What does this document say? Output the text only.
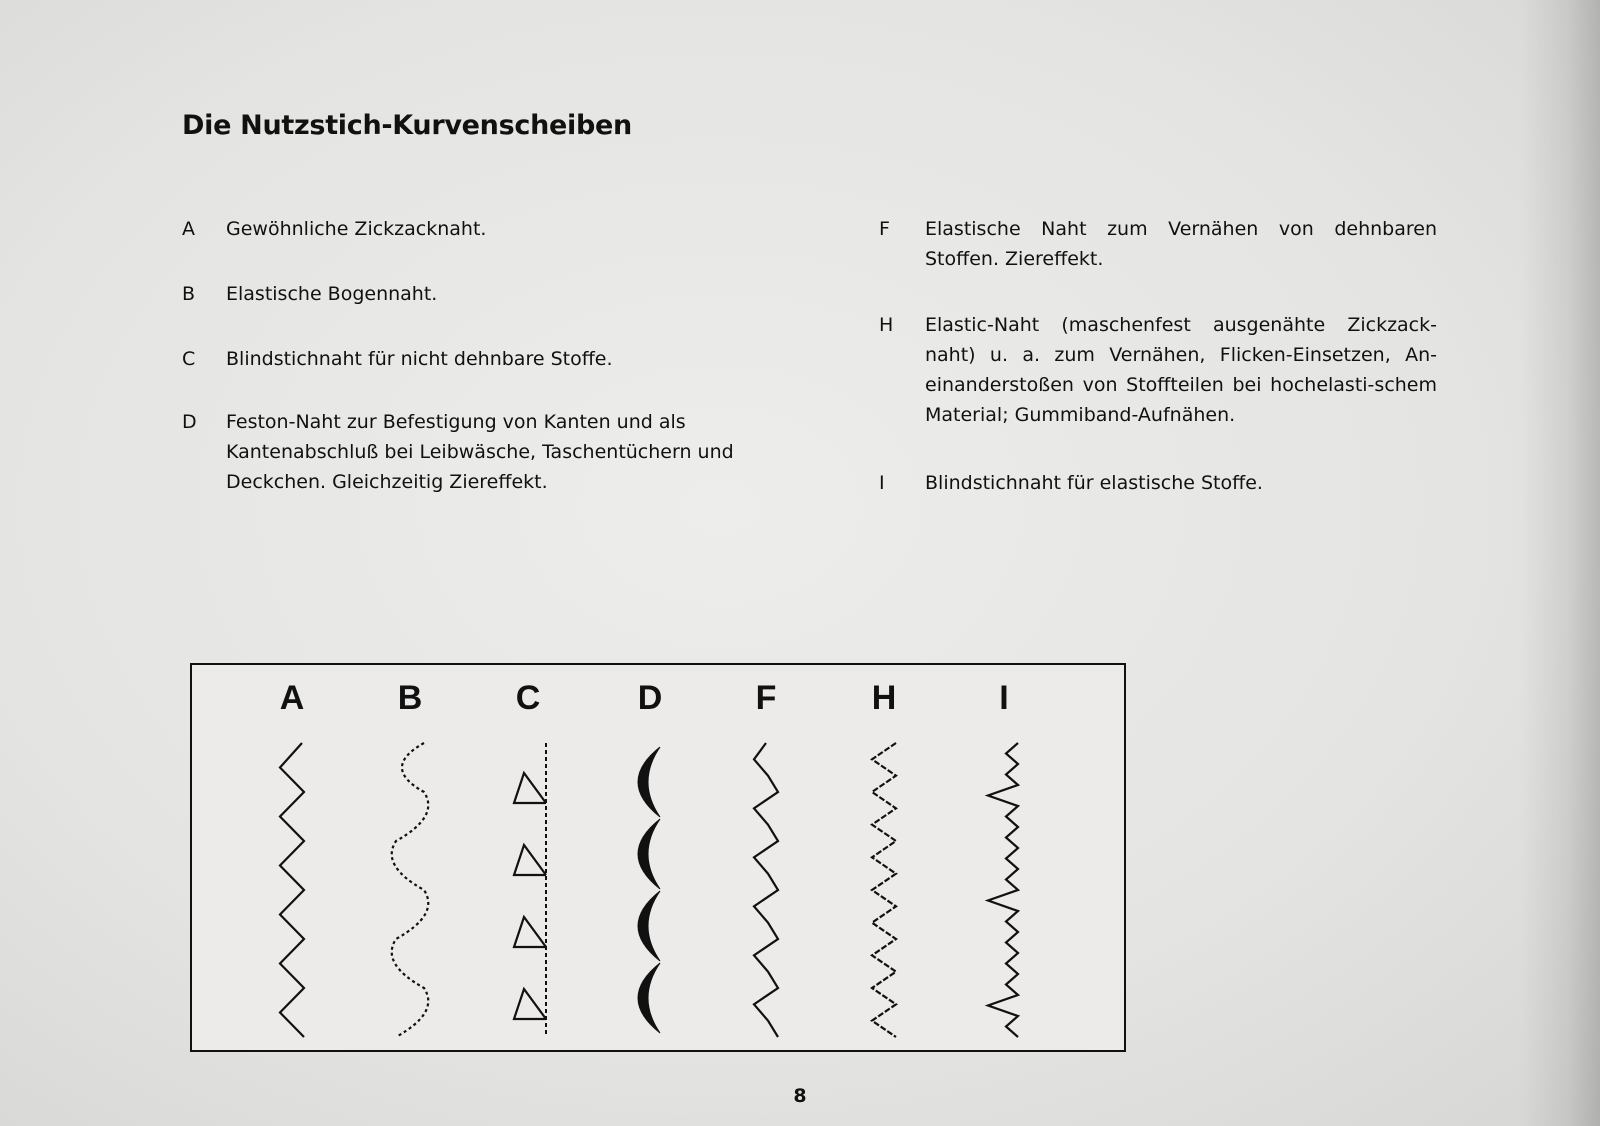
Die Nutzstich-Kurvenscheiben
A Gewöhnliche Zickzacknaht.
B Elastische Bogennaht.
C Blindstichnaht für nicht dehnbare Stoffe.
D Feston-Naht zur Befestigung von Kanten und als Kantenabschluß bei Leibwäsche, Taschentüchern und Deckchen. Gleichzeitig Ziereffekt.
F Elastische Naht zum Vernähen von dehnbaren Stoffen. Ziereffekt.
H Elastic-Naht (maschenfest ausgenähte Zickzack-naht) u. a. zum Vernähen, Flicken-Einsetzen, An-einanderstoßen von Stoffteilen bei hochelasti-schem Material; Gummiband-Aufnähen.
I Blindstichnaht für elastische Stoffe.
A	B	C	D	F	H	I
8
